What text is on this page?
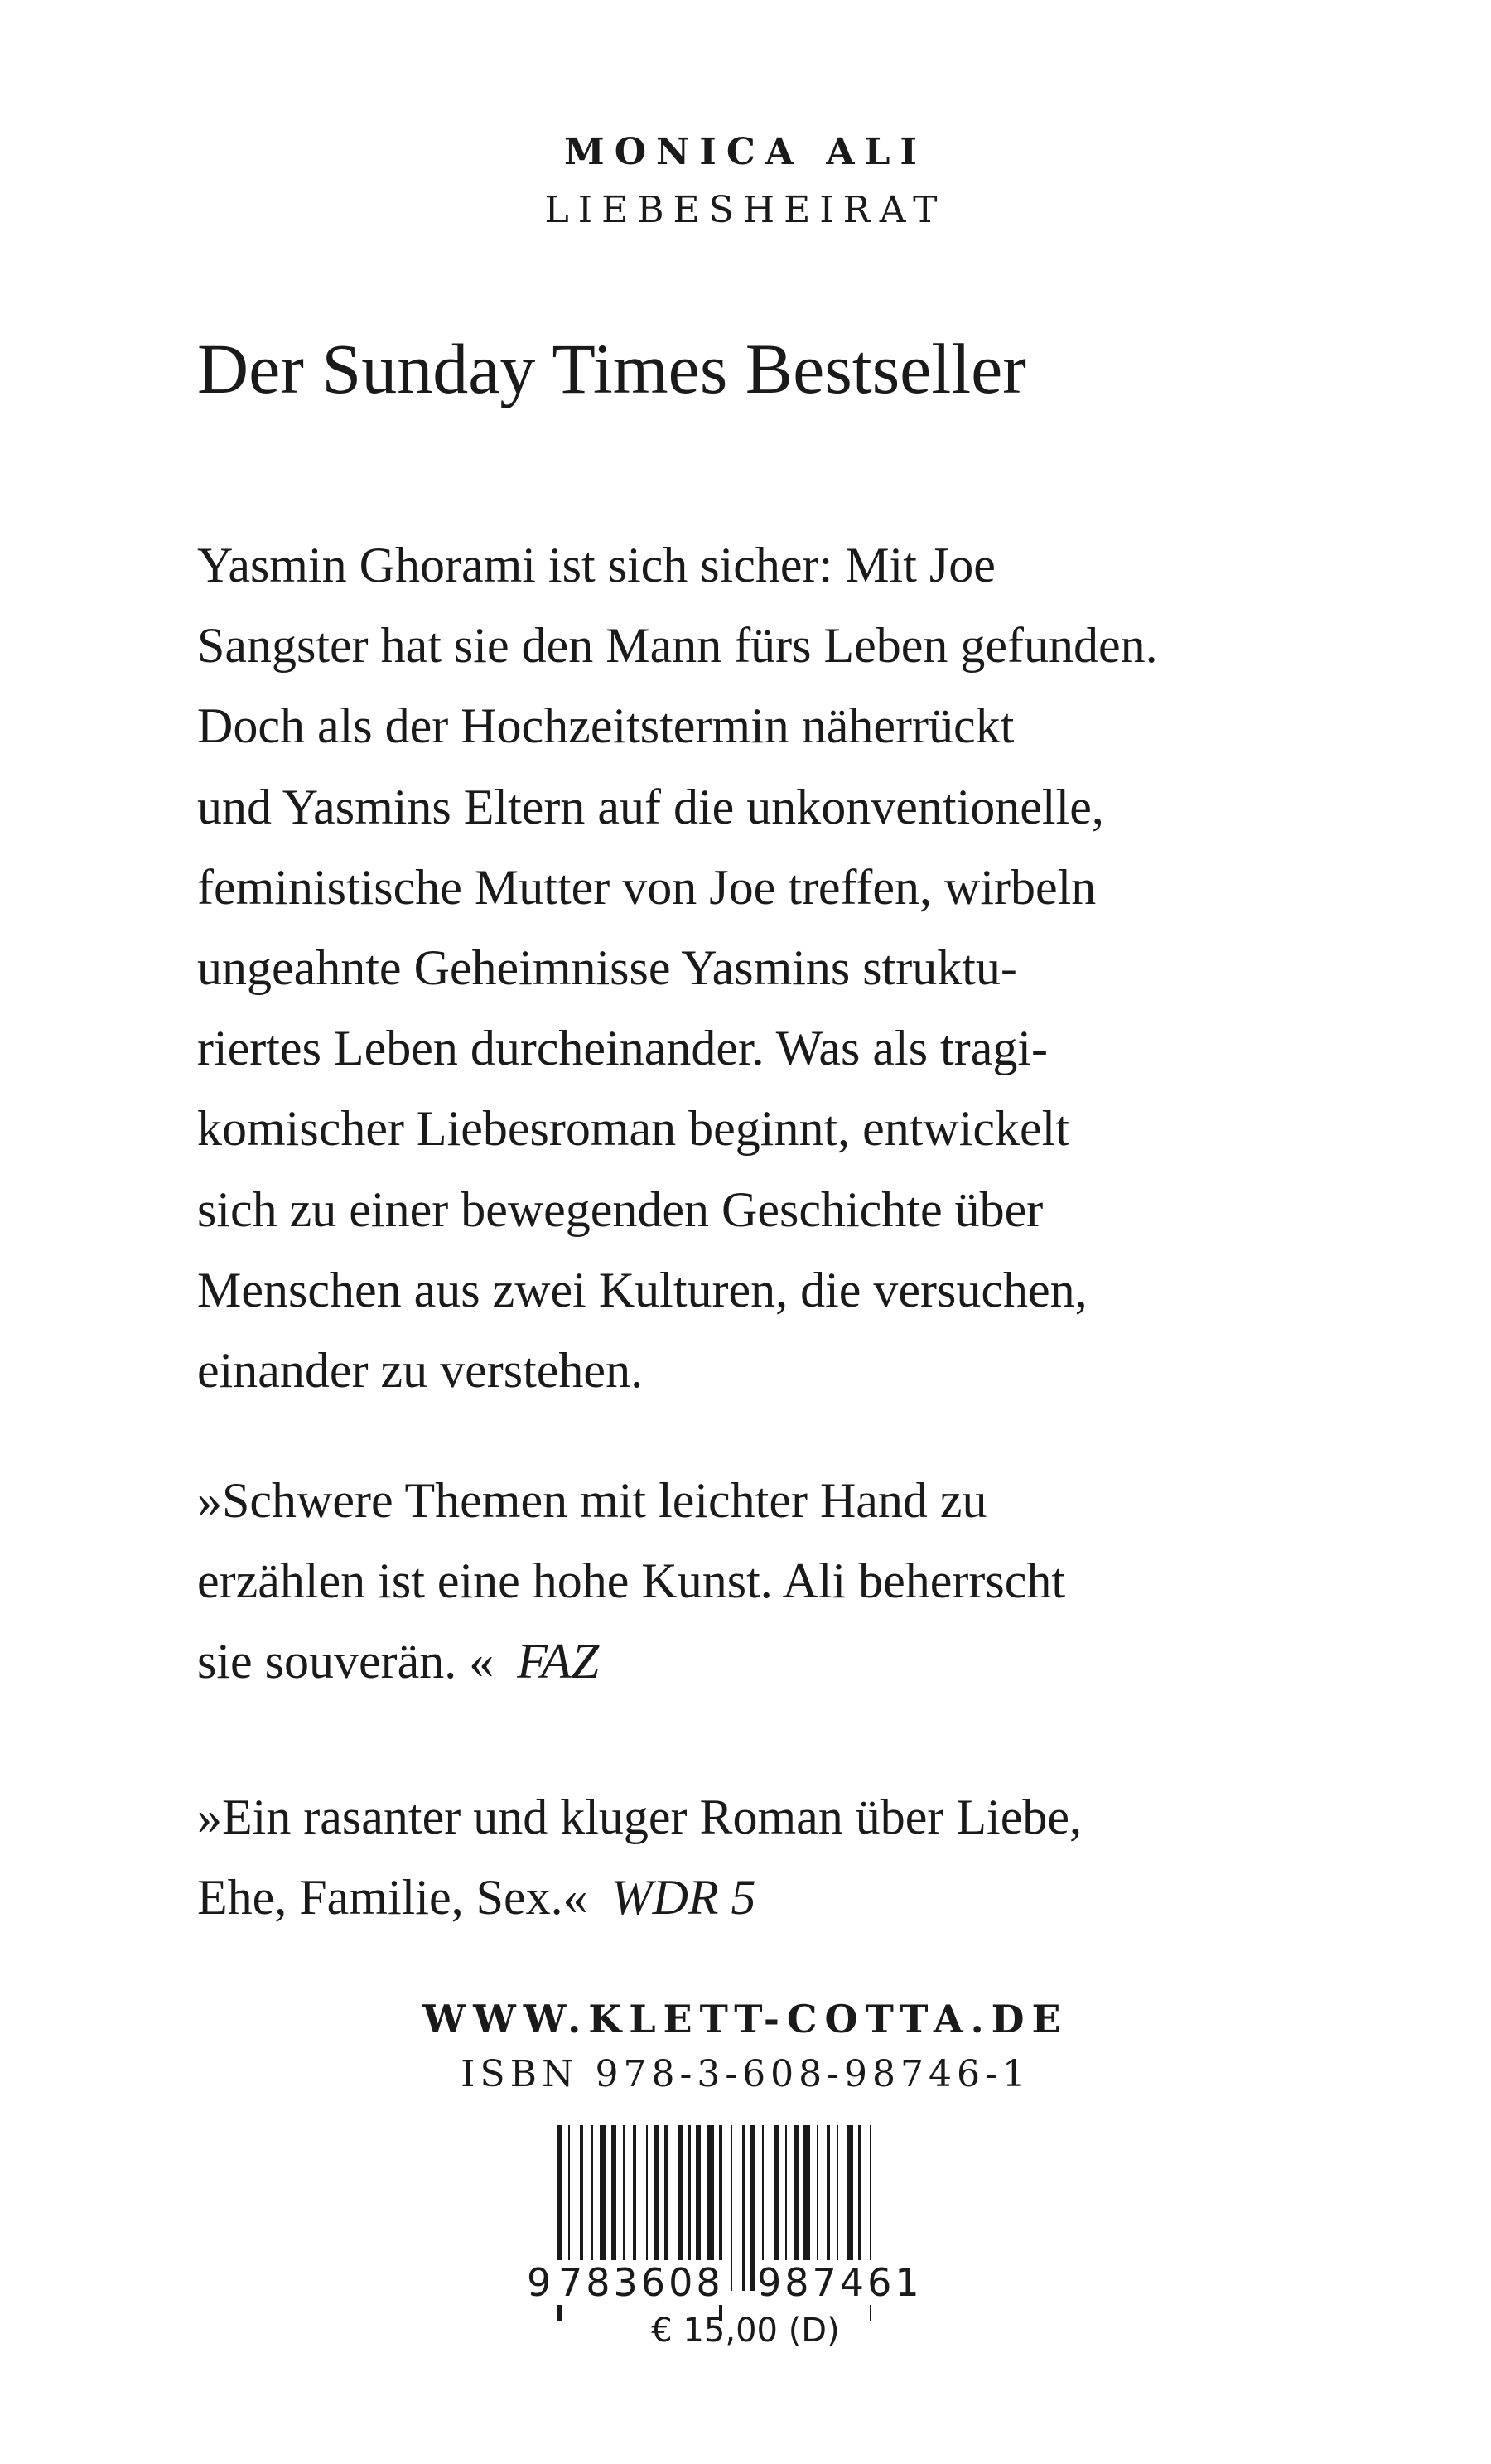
MONICA ALI
LIEBESHEIRAT
Der Sunday Times Bestseller
Yasmin Ghorami ist sich sicher: Mit Joe
Sangster hat sie den Mann fürs Leben gefunden.
Doch als der Hochzeitstermin näherrückt
und Yasmins Eltern auf die unkonventionelle,
feministische Mutter von Joe treffen, wirbeln
ungeahnte Geheimnisse Yasmins struktu-
riertes Leben durcheinander. Was als tragi-
komischer Liebesroman beginnt, entwickelt
sich zu einer bewegenden Geschichte über
Menschen aus zwei Kulturen, die versuchen,
einander zu verstehen.
»Schwere Themen mit leichter Hand zu
erzählen ist eine hohe Kunst. Ali beherrscht
sie souverän. « FAZ
»Ein rasanter und kluger Roman über Liebe,
Ehe, Familie, Sex.« WDR 5
WWW.KLETT-COTTA.DE
ISBN 978-3-608-98746-1
9 783608 987461
€ 15,00 (D)
